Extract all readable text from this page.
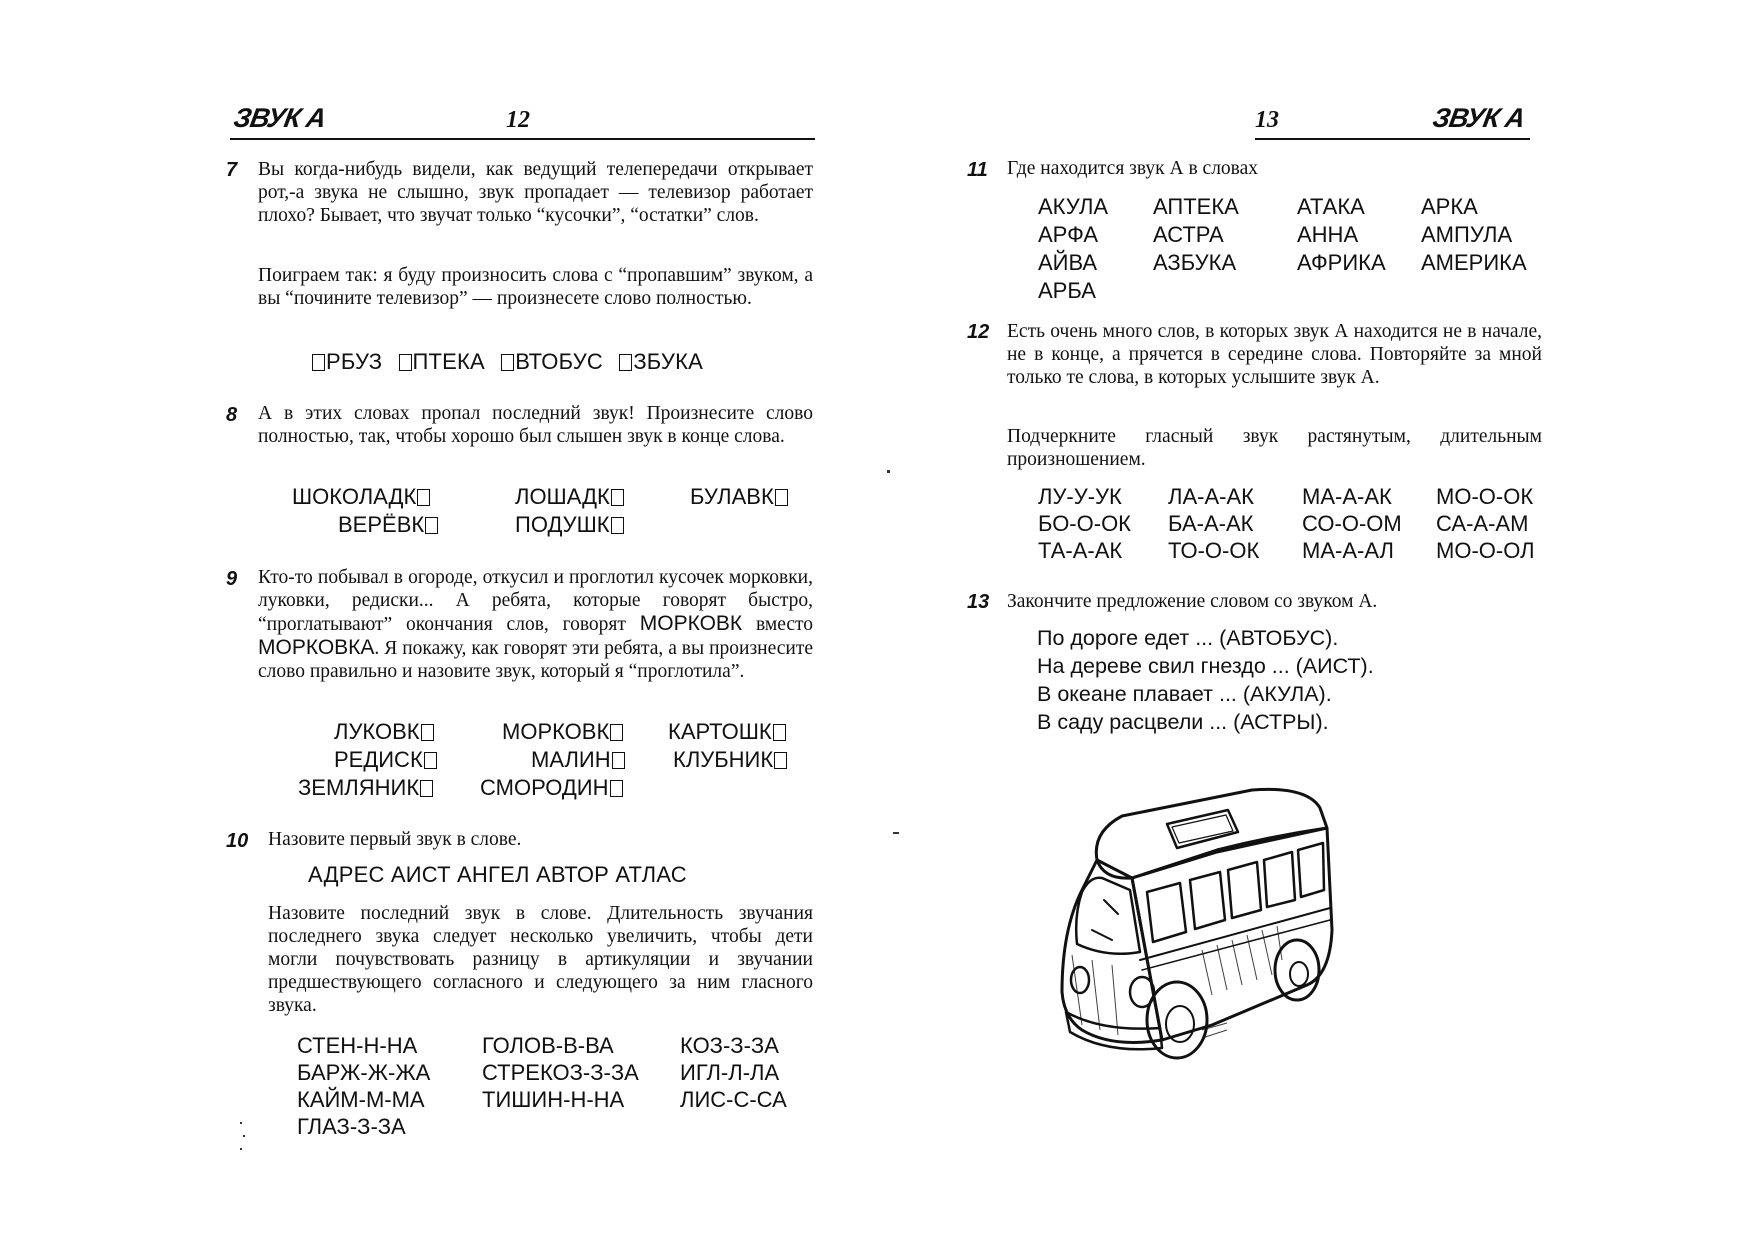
ЗВУК А	12
7 Вы когда-нибудь видели, как ведущий телепередачи открывает рот,-а звука не слышно, звук пропадает — телевизор работает плохо? Бывает, что звучат только “кусочки”, “остатки” слов.
Поиграем так: я буду произносить слова с “пропавшим” звуком, а вы “почините телевизор” — произнесете слово полностью.
РБУЗ ПТЕКА ВТОБУС ЗБУКА
8 А в этих словах пропал последний звук! Произнесите слово полностью, так, чтобы хорошо был слышен звук в конце слова.
ШОКОЛАДК	ЛОШАДК	БУЛАВК
ВЕРЁВК	ПОДУШК
9 Кто-то побывал в огороде, откусил и проглотил кусочек морковки, луковки, редиски... А ребята, которые говорят быстро, “проглатывают” окончания слов, говорят МОРКОВК вместо МОРКОВКА. Я покажу, как говорят эти ребята, а вы произнесите слово правильно и назовите звук, который я “проглотила”.
ЛУКОВК	МОРКОВК	КАРТОШК
РЕДИСК	МАЛИН	КЛУБНИК
ЗЕМЛЯНИК	СМОРОДИН
10 Назовите первый звук в слове.
АДРЕС АИСТ АНГЕЛ АВТОР АТЛАС
Назовите последний звук в слове. Длительность звучания последнего звука следует несколько увеличить, чтобы дети могли почувствовать разницу в артикуляции и звучании предшествующего согласного и следующего за ним гласного звука.
СТЕН-Н-НА	ГОЛОВ-В-ВА	КОЗ-З-ЗА
БАРЖ-Ж-ЖА СТРЕКОЗ-З-ЗА ИГЛ-Л-ЛА
КАЙМ-М-МА	ТИШИН-Н-НА	ЛИС-С-СА
ГЛАЗ-З-ЗА
13	ЗВУК А
11 Где находится звук А в словах
АКУЛА АПТЕКА	АТАКА	АРКА
АРФА АСТРА	АННА	АМПУЛА
АЙВА	АЗБУКА	АФРИКА АМЕРИКА
АРБА
12 Есть очень много слов, в которых звук А находится не в начале, не в конце, а прячется в середине слова. Повторяйте за мной только те слова, в которых услышите звук А.
Подчеркните гласный звук растянутым, длительным произношением.
ЛУ-У-УК ЛА-А-АК МА-А-АК МО-О-ОК
БО-О-ОК БА-А-АК СО-О-ОМ СА-А-АМ
ТА-А-АК ТО-О-ОК МА-А-АЛ МО-О-ОЛ
13 Закончите предложение словом со звуком А.
По дороге едет ... (АВТОБУС).
На дереве свил гнездо ... (АИСТ).
В океане плавает ... (АКУЛА).
В саду расцвели ... (АСТРЫ).
